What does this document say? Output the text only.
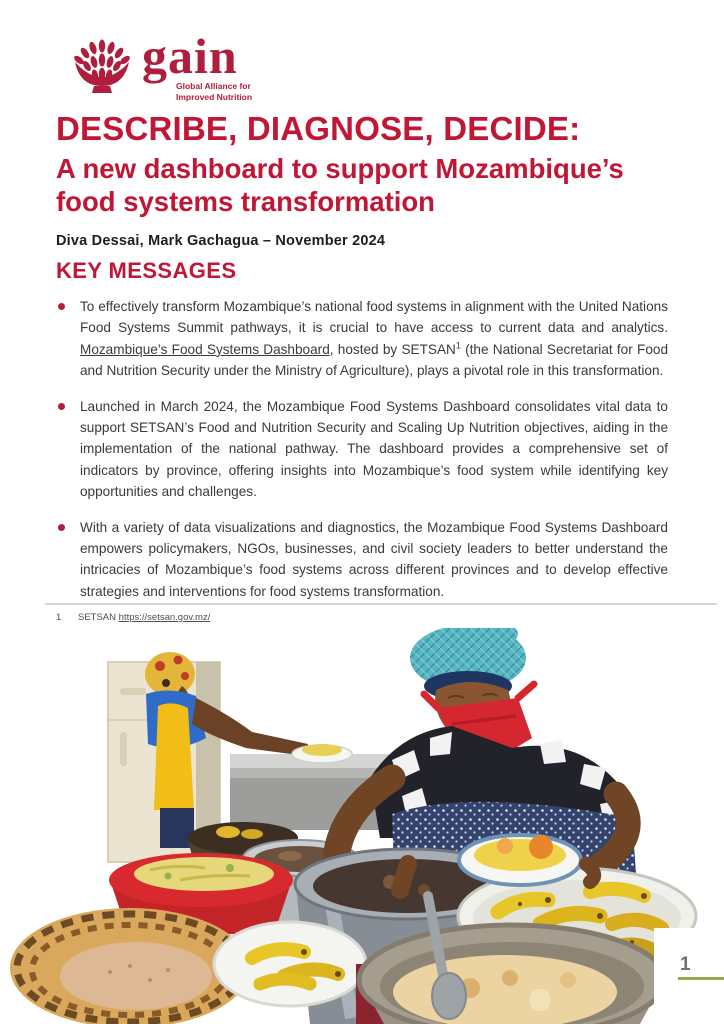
gain
Global Alliance for
Improved Nutrition
DESCRIBE, DIAGNOSE, DECIDE:
A new dashboard to support Mozambique’s
food systems transformation
Diva Dessai, Mark Gachagua – November 2024
KEY MESSAGES
To effectively transform Mozambique’s national food systems in alignment with the United Nations Food Systems Summit pathways, it is crucial to have access to current data and analytics. Mozambique’s Food Systems Dashboard, hosted by SETSAN$^1$ (the National Secretariat for Food and Nutrition Security under the Ministry of Agriculture), plays a pivotal role in this transformation.
Launched in March 2024, the Mozambique Food Systems Dashboard consolidates vital data to support SETSAN’s Food and Nutrition Security and Scaling Up Nutrition objectives, aiding in the implementation of the national pathway. The dashboard provides a comprehensive set of indicators by province, offering insights into Mozambique’s food system while identifying key opportunities and challenges.
With a variety of data visualizations and diagnostics, the Mozambique Food Systems Dashboard empowers policymakers, NGOs, businesses, and civil society leaders to better understand the intricacies of Mozambique’s food systems across different provinces and to develop effective strategies and interventions for food systems transformation.
1 SETSAN https://setsan.gov.mz/
1
